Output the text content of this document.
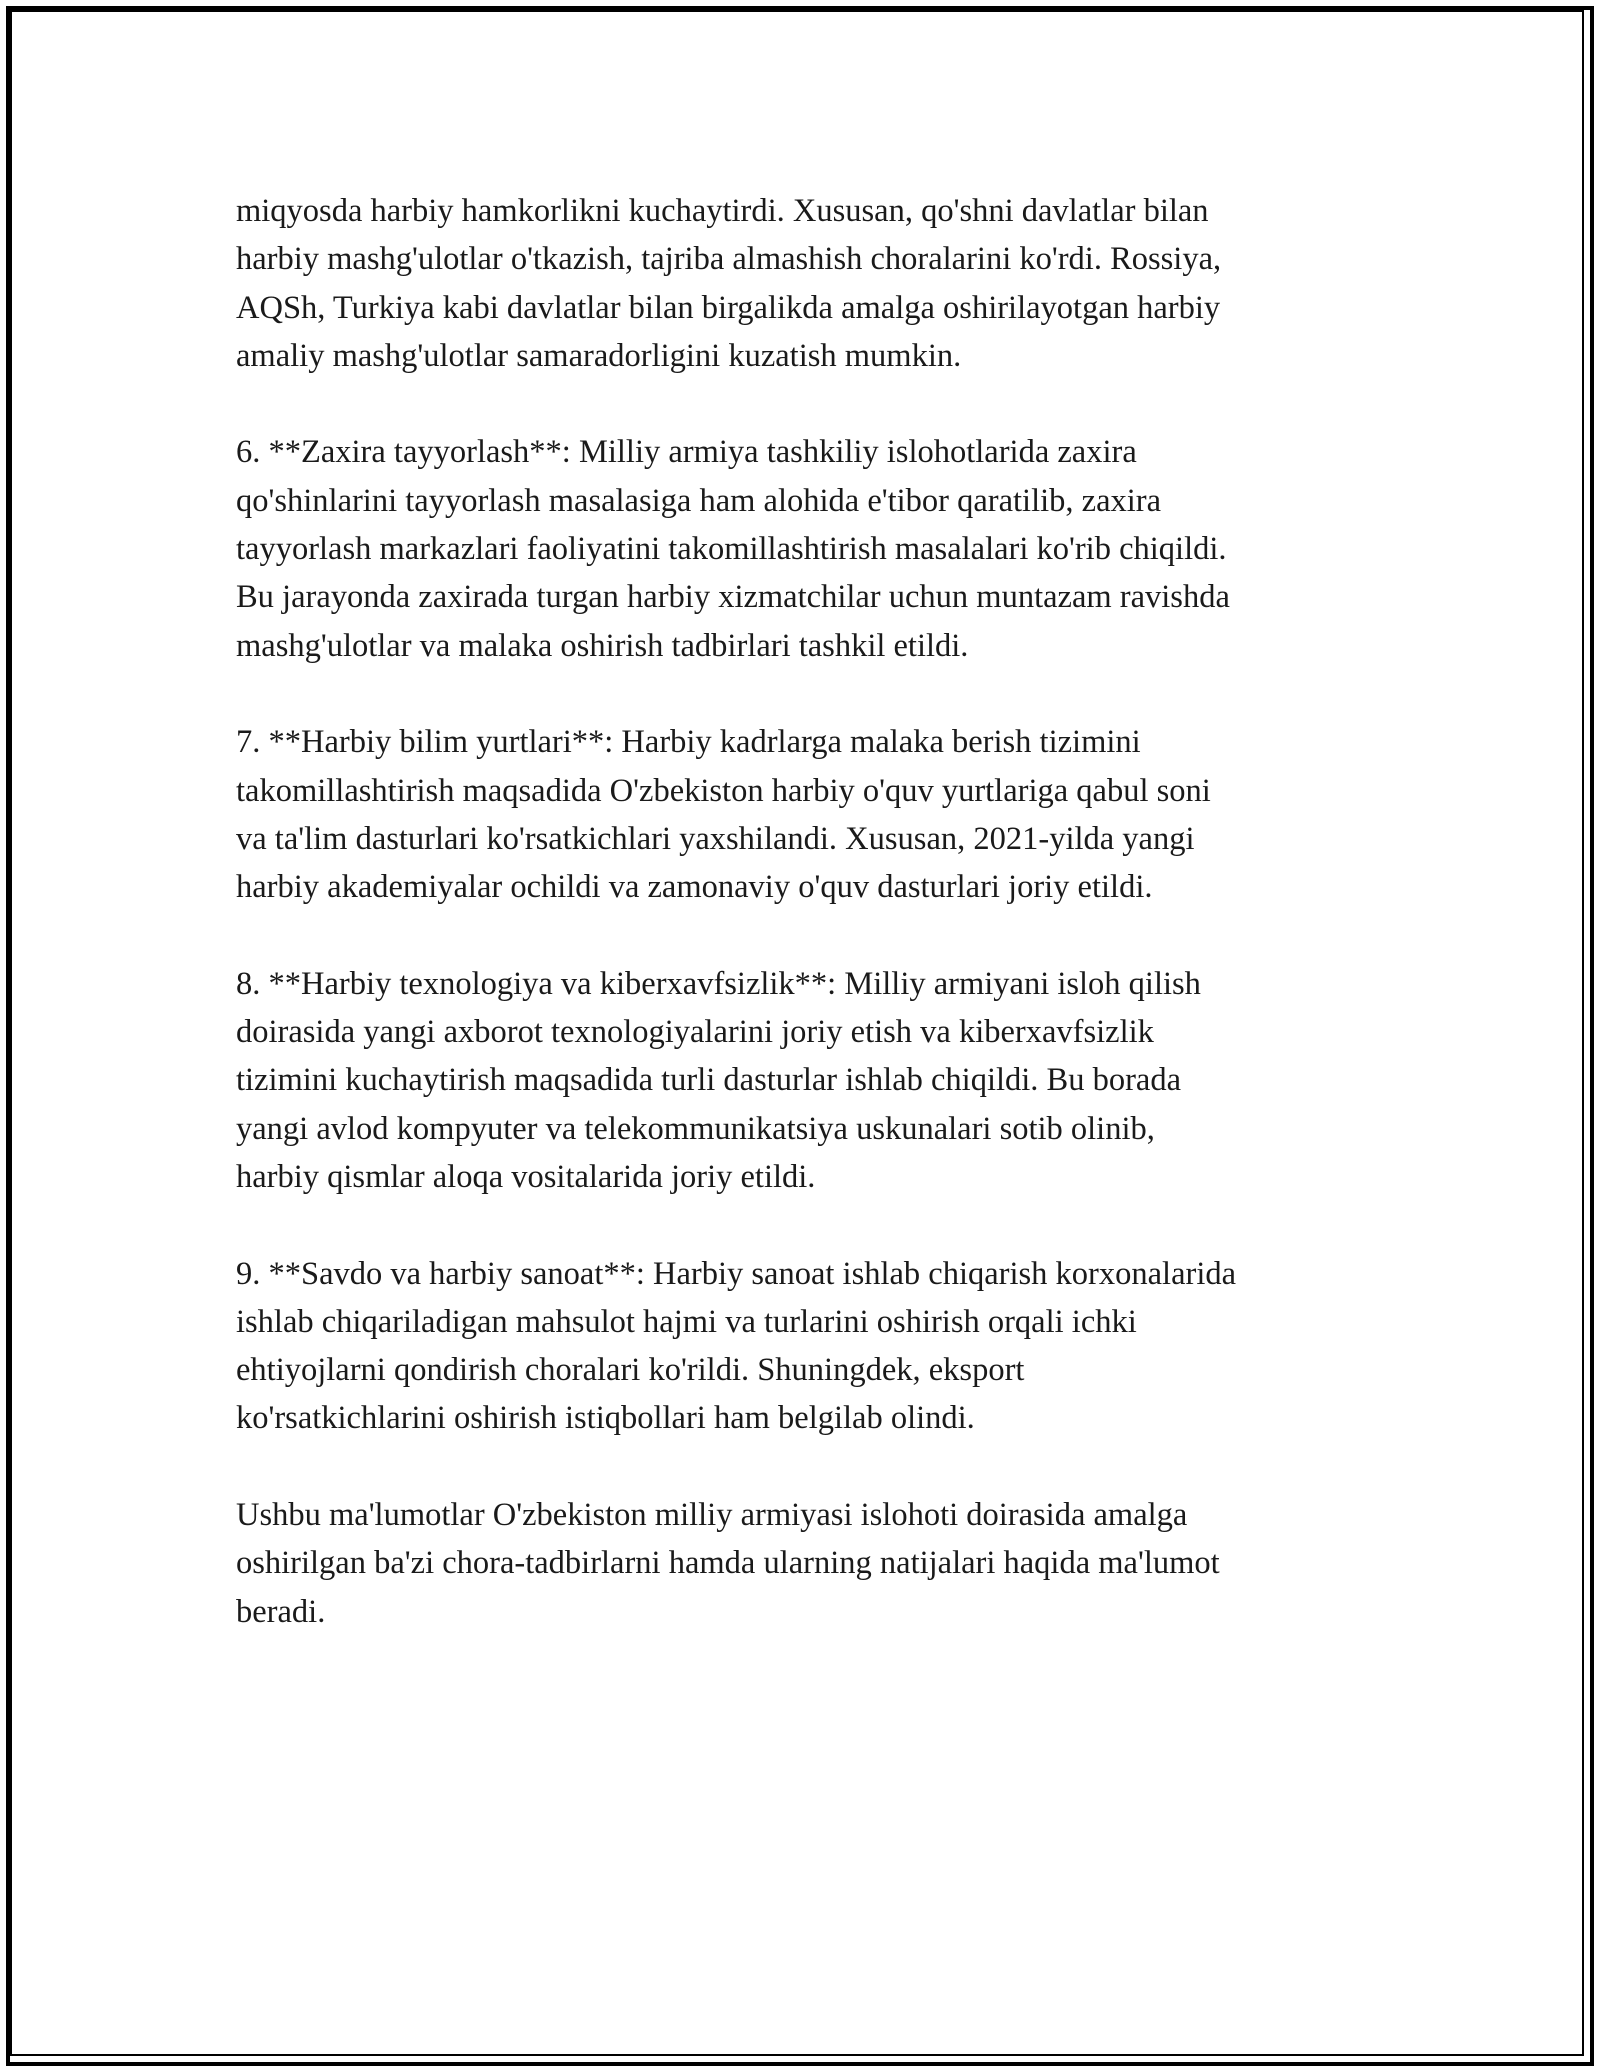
miqyosda harbiy hamkorlikni kuchaytirdi. Xususan, qo'shni davlatlar bilan
harbiy mashg'ulotlar o'tkazish, tajriba almashish choralarini ko'rdi. Rossiya,
AQSh, Turkiya kabi davlatlar bilan birgalikda amalga oshirilayotgan harbiy
amaliy mashg'ulotlar samaradorligini kuzatish mumkin.

6. **Zaxira tayyorlash**: Milliy armiya tashkiliy islohotlarida zaxira
qo'shinlarini tayyorlash masalasiga ham alohida e'tibor qaratilib, zaxira
tayyorlash markazlari faoliyatini takomillashtirish masalalari ko'rib chiqildi.
Bu jarayonda zaxirada turgan harbiy xizmatchilar uchun muntazam ravishda
mashg'ulotlar va malaka oshirish tadbirlari tashkil etildi.

7. **Harbiy bilim yurtlari**: Harbiy kadrlarga malaka berish tizimini
takomillashtirish maqsadida O'zbekiston harbiy o'quv yurtlariga qabul soni
va ta'lim dasturlari ko'rsatkichlari yaxshilandi. Xususan, 2021-yilda yangi
harbiy akademiyalar ochildi va zamonaviy o'quv dasturlari joriy etildi.

8. **Harbiy texnologiya va kiberxavfsizlik**: Milliy armiyani isloh qilish
doirasida yangi axborot texnologiyalarini joriy etish va kiberxavfsizlik
tizimini kuchaytirish maqsadida turli dasturlar ishlab chiqildi. Bu borada
yangi avlod kompyuter va telekommunikatsiya uskunalari sotib olinib,
harbiy qismlar aloqa vositalarida joriy etildi.

9. **Savdo va harbiy sanoat**: Harbiy sanoat ishlab chiqarish korxonalarida
ishlab chiqariladigan mahsulot hajmi va turlarini oshirish orqali ichki
ehtiyojlarni qondirish choralari ko'rildi. Shuningdek, eksport
ko'rsatkichlarini oshirish istiqbollari ham belgilab olindi.

Ushbu ma'lumotlar O'zbekiston milliy armiyasi islohoti doirasida amalga
oshirilgan ba'zi chora-tadbirlarni hamda ularning natijalari haqida ma'lumot
beradi.
